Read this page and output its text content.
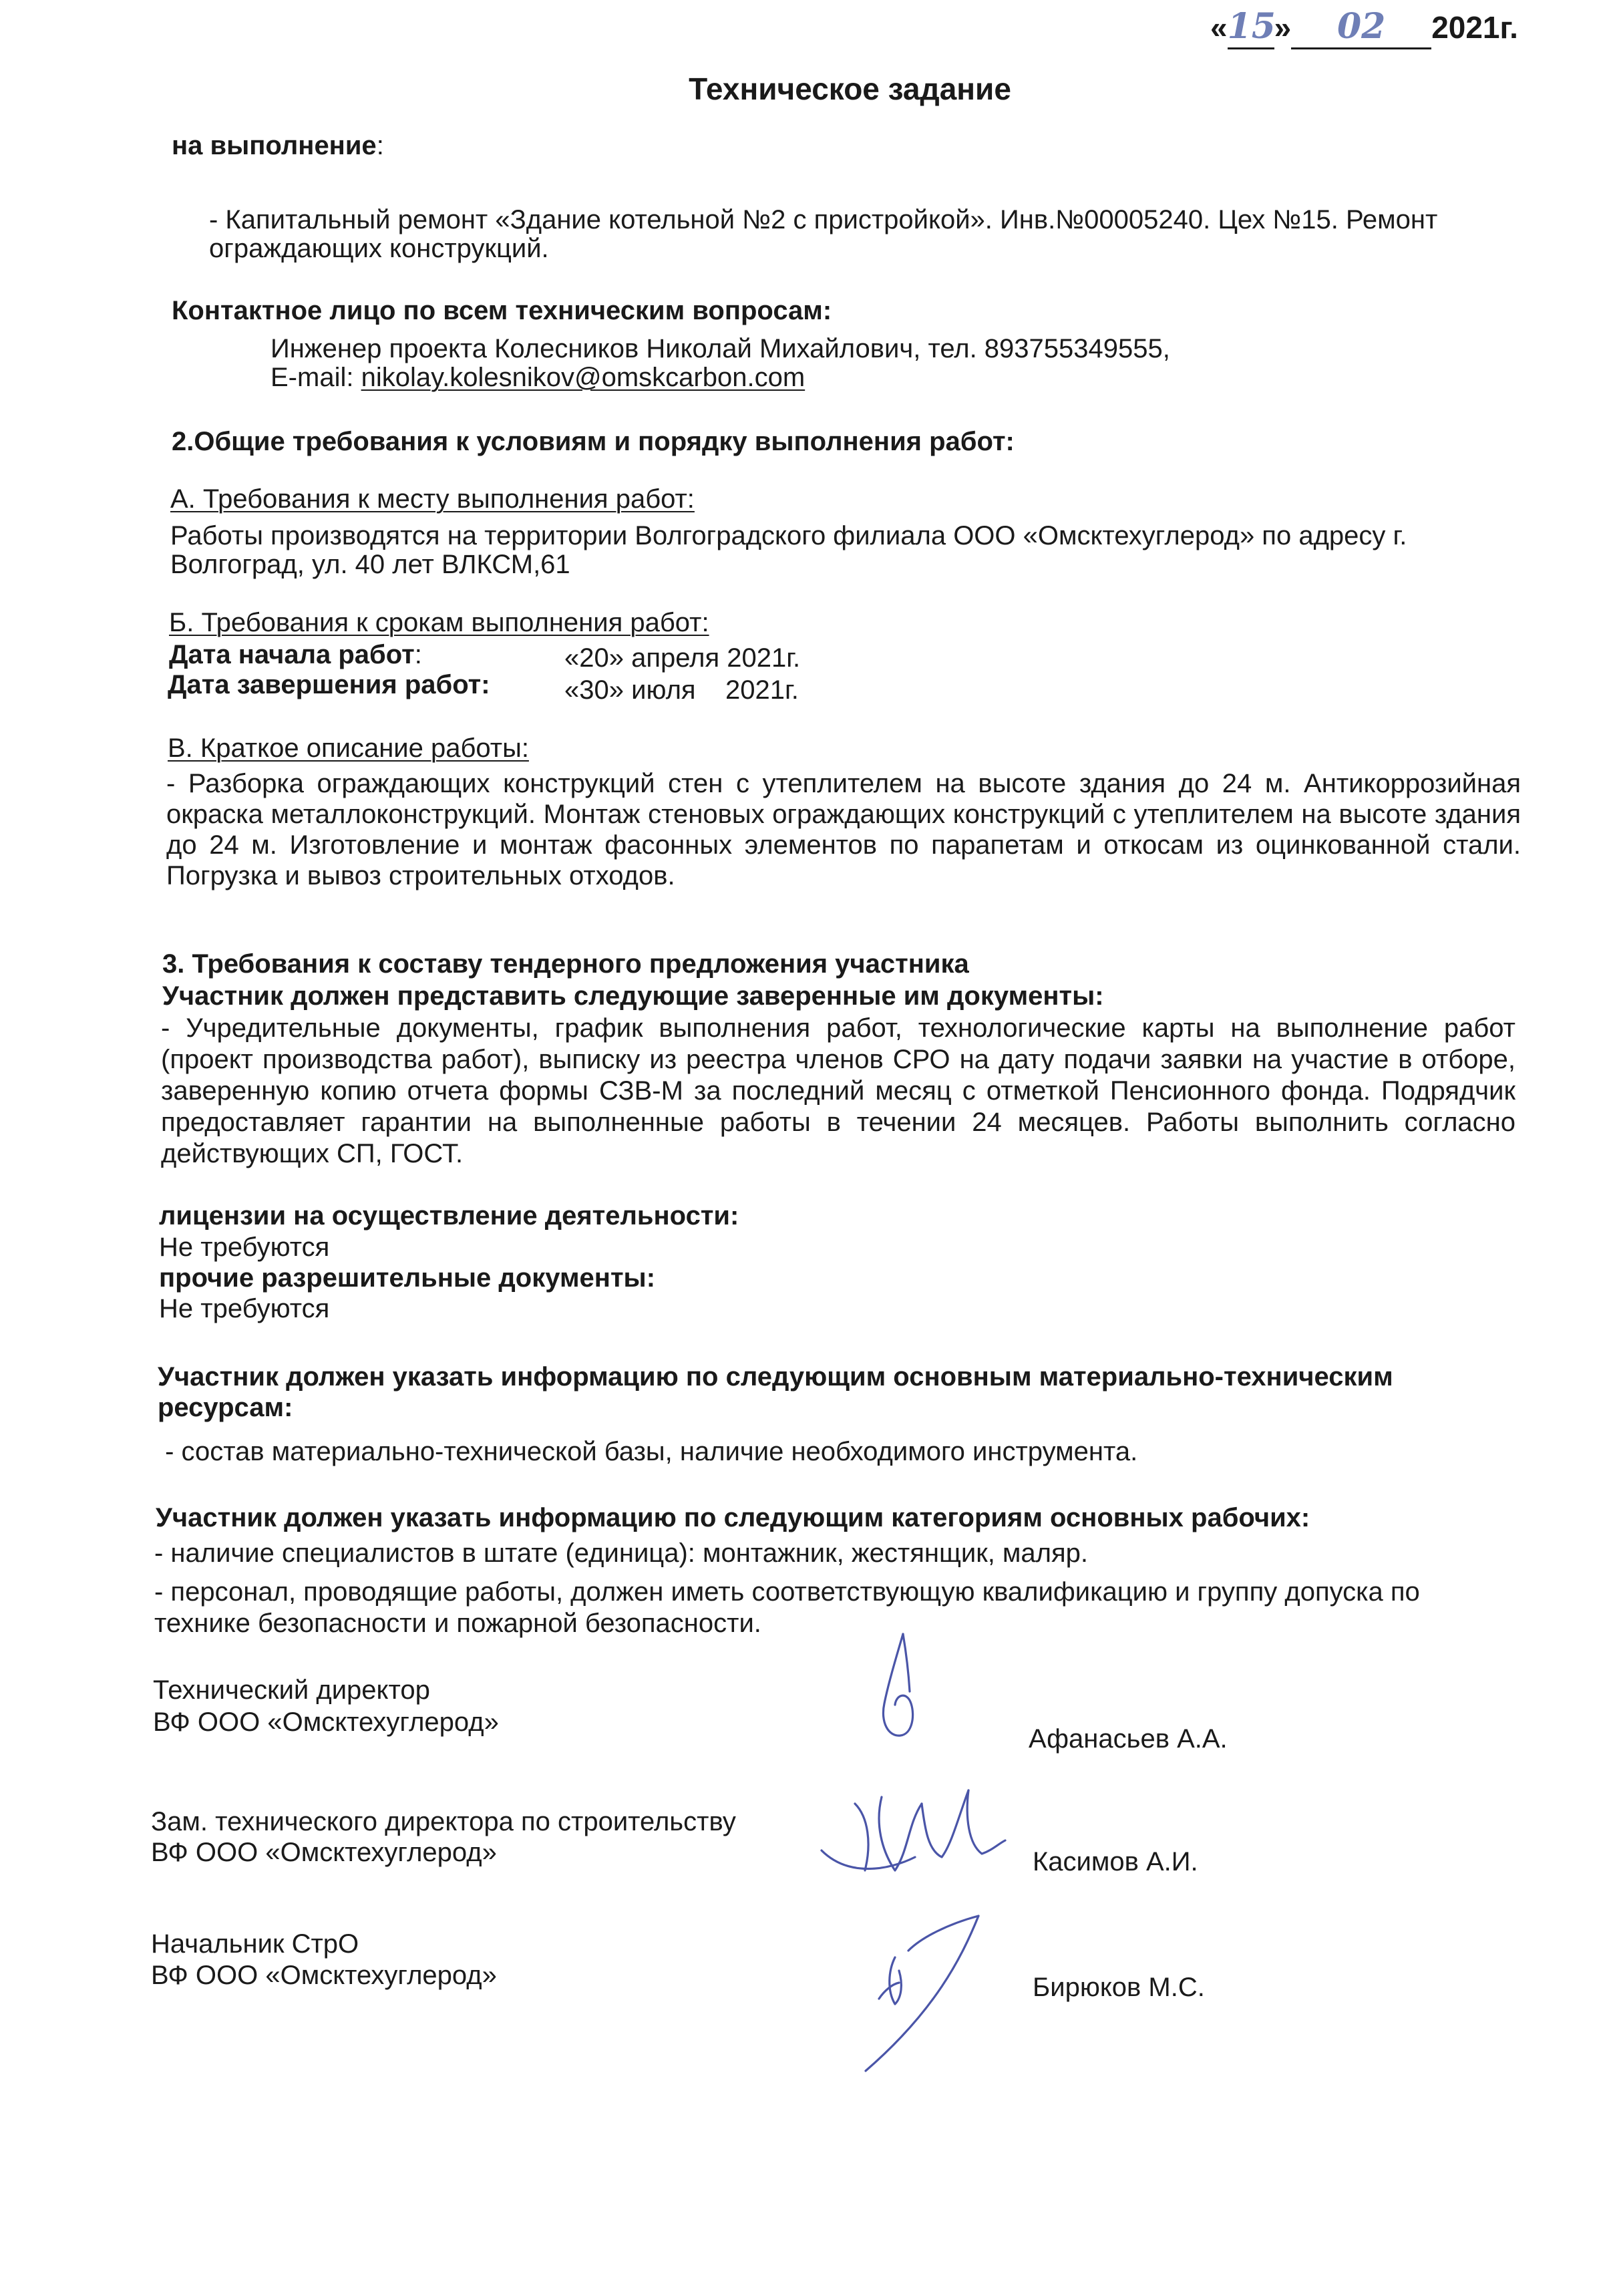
«15» 02 2021г.
Техническое задание
на выполнение:
- Капитальный ремонт «Здание котельной №2 с пристройкой». Инв.№00005240. Цех №15. Ремонт
ограждающих конструкций.
Контактное лицо по всем техническим вопросам:
Инженер проекта Колесников Николай Михайлович, тел. 893755349555,
E-mail: nikolay.kolesnikov@omskcarbon.com
2.Общие требования к условиям и порядку выполнения работ:
А. Требования к месту выполнения работ:
Работы производятся на территории Волгоградского филиала ООО «Омсктехуглерод» по адресу г.
Волгоград, ул. 40 лет ВЛКСМ,61
Б. Требования к срокам выполнения работ:
Дата начала работ:	«20» апреля 2021г.
Дата завершения работ:	«30» июля    2021г.
В. Краткое описание работы:
- Разборка ограждающих конструкций стен с утеплителем на высоте здания до 24 м. Антикоррозийная окраска металлоконструкций. Монтаж стеновых ограждающих конструкций с утеплителем на высоте здания до 24 м. Изготовление и монтаж фасонных элементов по парапетам и откосам из оцинкованной стали. Погрузка и вывоз строительных отходов.
3. Требования к составу тендерного предложения участника
Участник должен представить следующие заверенные им документы:
- Учредительные документы, график выполнения работ, технологические карты на выполнение работ (проект производства работ), выписку из реестра членов СРО на дату подачи заявки на участие в отборе, заверенную копию отчета формы СЗВ-М за последний месяц с отметкой Пенсионного фонда. Подрядчик предоставляет гарантии на выполненные работы в течении 24 месяцев. Работы выполнить согласно действующих СП, ГОСТ.
лицензии на осуществление деятельности:
Не требуются
прочие разрешительные документы:
Не требуются
Участник должен указать информацию по следующим основным материально-техническим ресурсам:
- состав материально-технической базы, наличие необходимого инструмента.
Участник должен указать информацию по следующим категориям основных рабочих:
- наличие специалистов в штате (единица): монтажник, жестянщик, маляр.
- персонал, проводящие работы, должен иметь соответствующую квалификацию и группу допуска по
технике безопасности и пожарной безопасности.
Технический директор
ВФ ООО «Омсктехуглерод»
Афанасьев А.А.
Зам. технического директора по строительству
ВФ ООО «Омсктехуглерод»	Касимов А.И.
Начальник СтрО
ВФ ООО «Омсктехуглерод»	Бирюков М.С.
